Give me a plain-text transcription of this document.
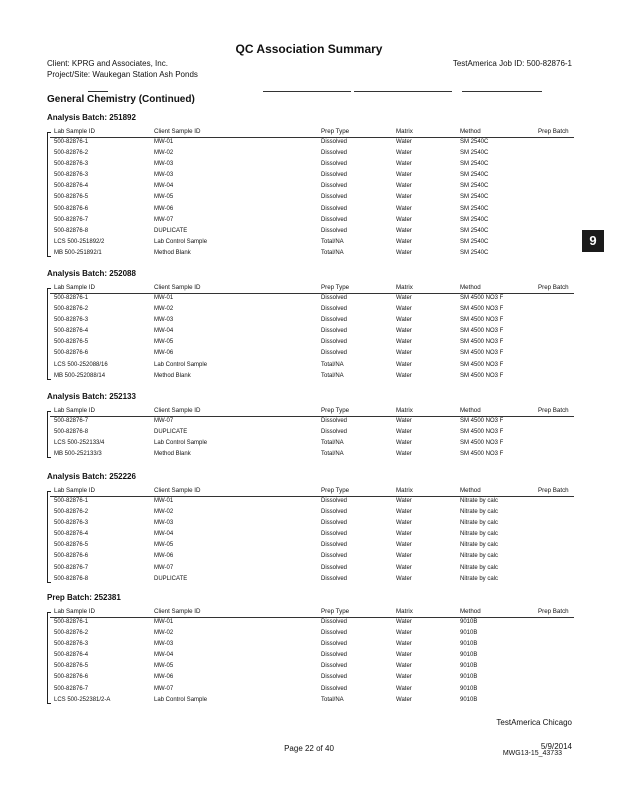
QC Association Summary
Client: KPRG and Associates, Inc.
Project/Site: Waukegan Station Ash Ponds
TestAmerica Job ID: 500-82876-1
General Chemistry (Continued)
Analysis Batch: 251892
Lab Sample ID	Client Sample ID	Prep Type	Matrix	Method	Prep Batch
500-82876-1	MW-01	Dissolved	Water	SM 2540C
500-82876-2	MW-02	Dissolved	Water	SM 2540C
500-82876-3	MW-03	Dissolved	Water	SM 2540C
500-82876-3	MW-03	Dissolved	Water	SM 2540C
500-82876-4	MW-04	Dissolved	Water	SM 2540C
500-82876-5	MW-05	Dissolved	Water	SM 2540C
500-82876-6	MW-06	Dissolved	Water	SM 2540C
500-82876-7	MW-07	Dissolved	Water	SM 2540C
500-82876-8	DUPLICATE	Dissolved	Water	SM 2540C
LCS 500-251892/2	Lab Control Sample	Total/NA	Water	SM 2540C
MB 500-251892/1	Method Blank	Total/NA	Water	SM 2540C
Analysis Batch: 252088
Lab Sample ID	Client Sample ID	Prep Type	Matrix	Method	Prep Batch
500-82876-1	MW-01	Dissolved	Water	SM 4500 NO3 F
500-82876-2	MW-02	Dissolved	Water	SM 4500 NO3 F
500-82876-3	MW-03	Dissolved	Water	SM 4500 NO3 F
500-82876-4	MW-04	Dissolved	Water	SM 4500 NO3 F
500-82876-5	MW-05	Dissolved	Water	SM 4500 NO3 F
500-82876-6	MW-06	Dissolved	Water	SM 4500 NO3 F
LCS 500-252088/16	Lab Control Sample	Total/NA	Water	SM 4500 NO3 F
MB 500-252088/14	Method Blank	Total/NA	Water	SM 4500 NO3 F
Analysis Batch: 252133
Lab Sample ID	Client Sample ID	Prep Type	Matrix	Method	Prep Batch
500-82876-7	MW-07	Dissolved	Water	SM 4500 NO3 F
500-82876-8	DUPLICATE	Dissolved	Water	SM 4500 NO3 F
LCS 500-252133/4	Lab Control Sample	Total/NA	Water	SM 4500 NO3 F
MB 500-252133/3	Method Blank	Total/NA	Water	SM 4500 NO3 F
Analysis Batch: 252226
Lab Sample ID	Client Sample ID	Prep Type	Matrix	Method	Prep Batch
500-82876-1	MW-01	Dissolved	Water	Nitrate by calc
500-82876-2	MW-02	Dissolved	Water	Nitrate by calc
500-82876-3	MW-03	Dissolved	Water	Nitrate by calc
500-82876-4	MW-04	Dissolved	Water	Nitrate by calc
500-82876-5	MW-05	Dissolved	Water	Nitrate by calc
500-82876-6	MW-06	Dissolved	Water	Nitrate by calc
500-82876-7	MW-07	Dissolved	Water	Nitrate by calc
500-82876-8	DUPLICATE	Dissolved	Water	Nitrate by calc
Prep Batch: 252381
Lab Sample ID	Client Sample ID	Prep Type	Matrix	Method	Prep Batch
500-82876-1	MW-01	Dissolved	Water	9010B
500-82876-2	MW-02	Dissolved	Water	9010B
500-82876-3	MW-03	Dissolved	Water	9010B
500-82876-4	MW-04	Dissolved	Water	9010B
500-82876-5	MW-05	Dissolved	Water	9010B
500-82876-6	MW-06	Dissolved	Water	9010B
500-82876-7	MW-07	Dissolved	Water	9010B
LCS 500-252381/2-A	Lab Control Sample	Total/NA	Water	9010B
9
TestAmerica Chicago
Page 22 of 40	5/9/2014
MWG13-15_43733
